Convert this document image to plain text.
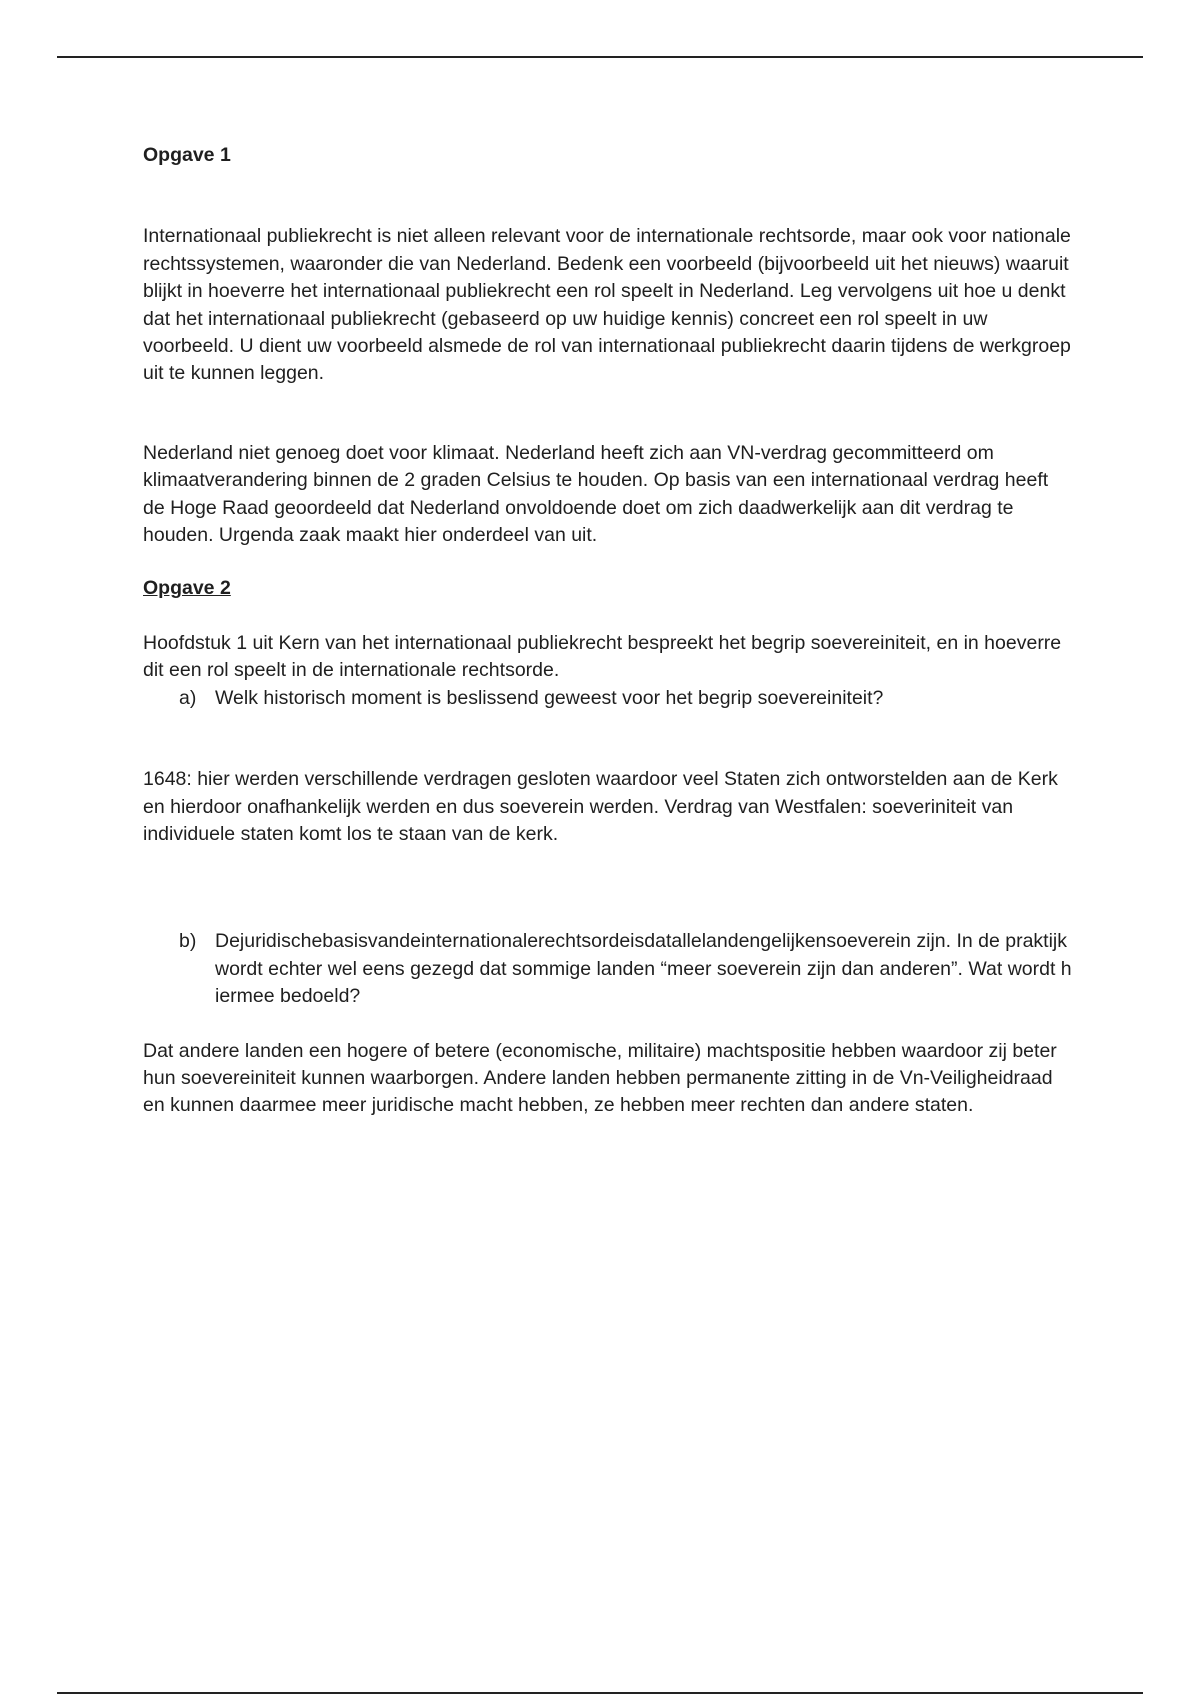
Opgave 1

Internationaal publiekrecht is niet alleen relevant voor de internationale rechtsorde, maar ook voor nationale rechtssystemen, waaronder die van Nederland. Bedenk een voorbeeld (bijvoorbeeld uit het nieuws) waaruit blijkt in hoeverre het internationaal publiekrecht een rol speelt in Nederland. Leg vervolgens uit hoe u denkt dat het internationaal publiekrecht (gebaseerd op uw huidige kennis) concreet een rol speelt in uw voorbeeld. U dient uw voorbeeld alsmede de rol van internationaal publiekrecht daarin tijdens de werkgroep uit te kunnen leggen.

Nederland niet genoeg doet voor klimaat. Nederland heeft zich aan VN-verdrag gecommitteerd om klimaatverandering binnen de 2 graden Celsius te houden. Op basis van een internationaal verdrag heeft de Hoge Raad geoordeeld dat Nederland onvoldoende doet om zich daadwerkelijk aan dit verdrag te houden. Urgenda zaak maakt hier onderdeel van uit.

Opgave 2

Hoofdstuk 1 uit Kern van het internationaal publiekrecht bespreekt het begrip soevereiniteit, en in hoeverre dit een rol speelt in de internationale rechtsorde.

a) Welk historisch moment is beslissend geweest voor het begrip soevereiniteit?

1648: hier werden verschillende verdragen gesloten waardoor veel Staten zich ontworstelden aan de Kerk en hierdoor onafhankelijk werden en dus soeverein werden. Verdrag van Westfalen: soeveriniteit van individuele staten komt los te staan van de kerk.

b) Dejuridischebasisvandeinternationalerechtsordeisdatallelandengelijkensoeverein zijn. In de praktijk wordt echter wel eens gezegd dat sommige landen “meer soeverein zijn dan anderen”. Wat wordt hiermee bedoeld?

Dat andere landen een hogere of betere (economische, militaire) machtspositie hebben waardoor zij beter hun soevereiniteit kunnen waarborgen. Andere landen hebben permanente zitting in de Vn-Veiligheidraad en kunnen daarmee meer juridische macht hebben, ze hebben meer rechten dan andere staten.
